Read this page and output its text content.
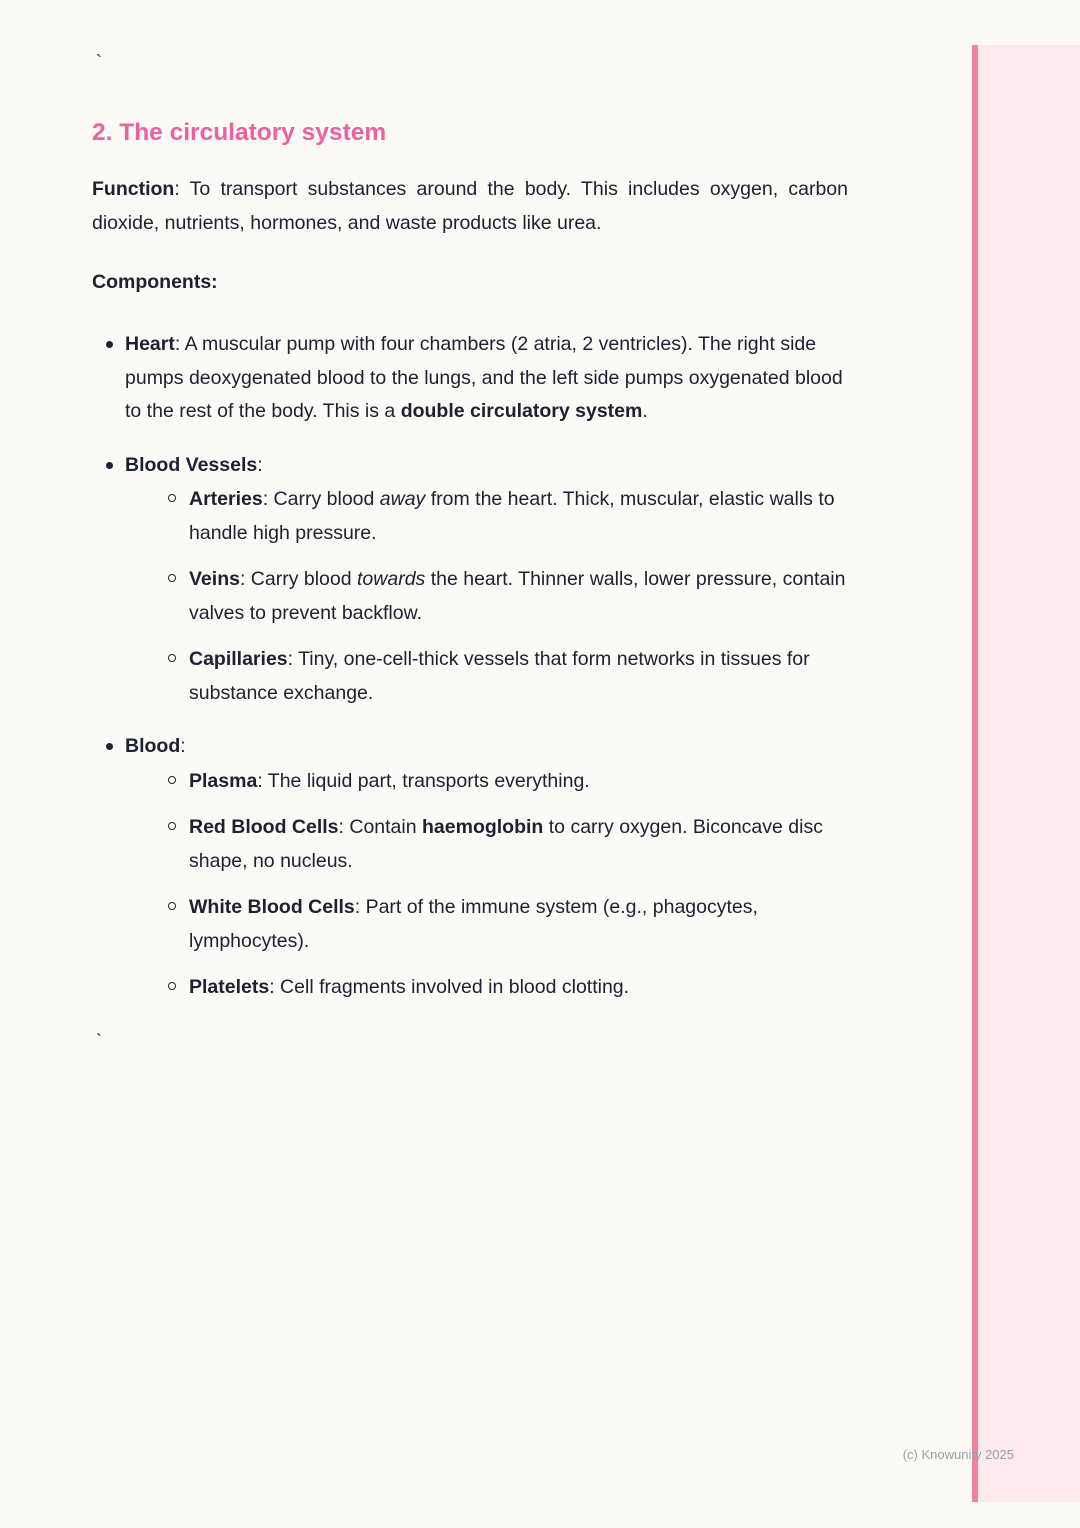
`
2. The circulatory system

Function: To transport substances around the body. This includes oxygen, carbon dioxide, nutrients, hormones, and waste products like urea.

Components:

Heart: A muscular pump with four chambers (2 atria, 2 ventricles). The right side pumps deoxygenated blood to the lungs, and the left side pumps oxygenated blood to the rest of the body. This is a double circulatory system.
Blood Vessels:
Arteries: Carry blood away from the heart. Thick, muscular, elastic walls to handle high pressure.
Veins: Carry blood towards the heart. Thinner walls, lower pressure, contain valves to prevent backflow.
Capillaries: Tiny, one-cell-thick vessels that form networks in tissues for substance exchange.
Blood:
Plasma: The liquid part, transports everything.
Red Blood Cells: Contain haemoglobin to carry oxygen. Biconcave disc shape, no nucleus.
White Blood Cells: Part of the immune system (e.g., phagocytes, lymphocytes).
Platelets: Cell fragments involved in blood clotting.
`
(c) Knowunity 2025
